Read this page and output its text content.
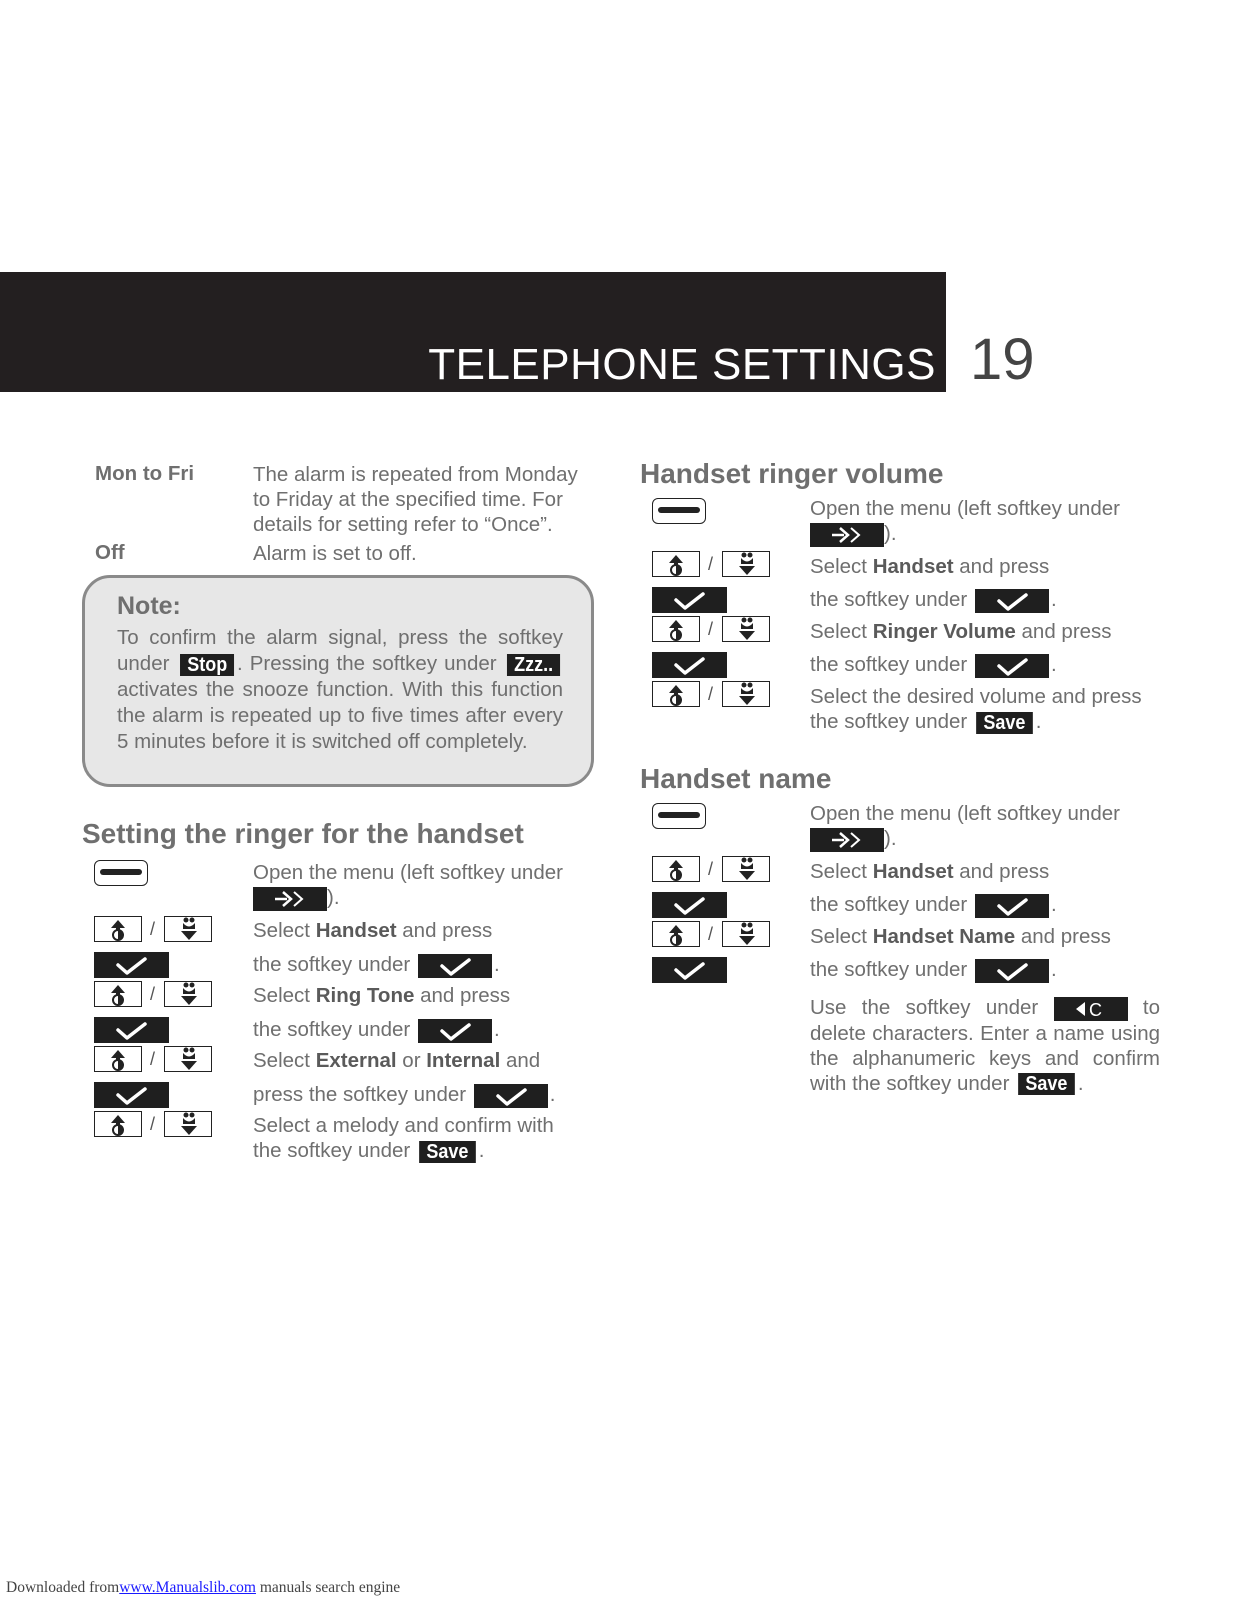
TELEPHONE SETTINGS 19
Mon to Fri	The alarm is repeated from Monday to Friday at the specified time. For details for setting refer to “Once”.
Off	Alarm is set to off.
Note:
To confirm the alarm signal, press the softkey under Stop . Pressing the softkey under Zzz.. activates the snooze function. With this function the alarm is repeated up to five times after every 5 minutes before it is switched off completely.
Setting the ringer for the handset
Open the menu (left softkey under

).
/	Select Handset and press
the softkey under	.
/	Select Ring Tone and press
the softkey under	.
/	Select External or Internal and
press the softkey under	.
/	Select a melody and confirm with
the softkey under Save .
Handset ringer volume
Open the menu (left softkey under

).
/	Select Handset and press
the softkey under	.
/	Select Ringer Volume and press
the softkey under	.
/	Select the desired volume and press
the softkey under Save .
Handset name
Open the menu (left softkey under

).
/	Select Handset and press
the softkey under	.
/	Select Handset Name and press
the softkey under	.
Use the softkey under	C to delete characters. Enter a name using the alphanumeric keys and confirm with the softkey under Save .
Downloaded fromwww.Manualslib.com manuals search engine
